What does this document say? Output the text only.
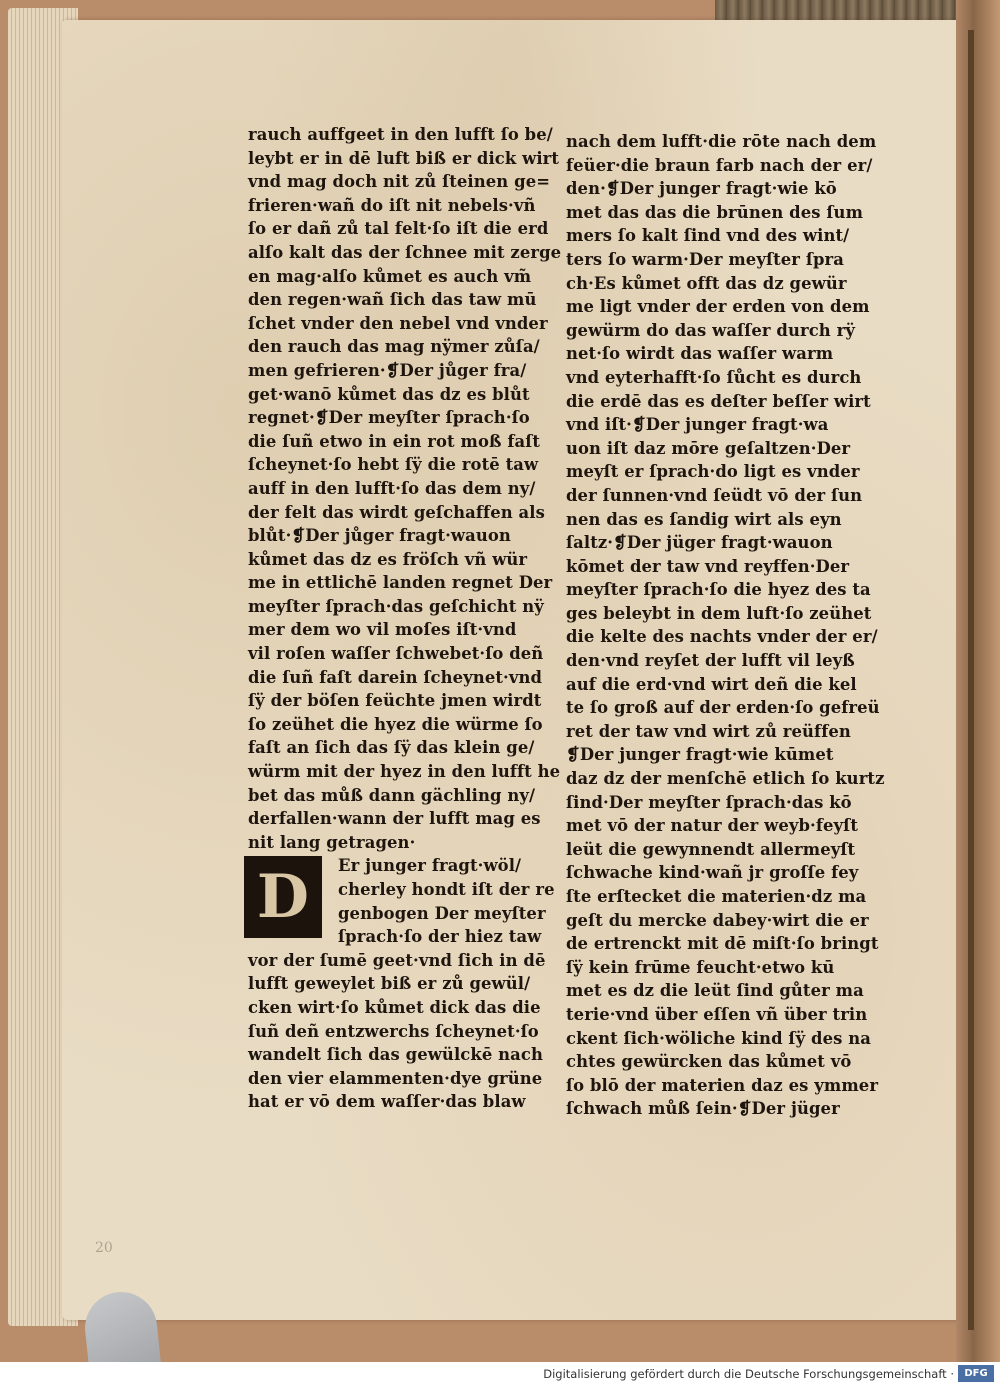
20
rauch auffgeet in den lufft ſo be/
leybt er in dē luft biß er dick wirt
vnd mag doch nit zů ſteinen ge=
frieren·wañ do iſt nit nebels·vñ
ſo er dañ zů tal felt·ſo iſt die erd
alſo kalt das der ſchnee mit zerge
en mag·alſo kůmet es auch vm̃
den regen·wañ ſich das taw mū
ſchet vnder den nebel vnd vnder
den rauch das mag nÿmer zůſa/
men gefrieren·❡Der jůger fra/
get·wanō kůmet das dz es blůt
regnet·❡Der meyſter ſprach·ſo
die ſuñ etwo in ein rot moß faſt
ſcheynet·ſo hebt ſÿ die rotē taw
auff in den lufft·ſo das dem ny/
der felt das wirdt geſchaffen als
blůt·❡Der jůger fragt·wauon
kůmet das dz es fröſch vñ wür
me in ettlichē landen regnet Der
meyſter ſprach·das geſchicht nÿ
mer dem wo vil moſes iſt·vnd
vil roſen waſſer ſchwebet·ſo deñ
die ſuñ faſt darein ſcheynet·vnd
ſÿ der böſen feüchte jmen wirdt
ſo zeühet die hyez die würme ſo
faſt an ſich das ſÿ das klein ge/
würm mit der hyez in den lufft he
bet das můß dann gächling ny/
derfallen·wann der lufft mag es
nit lang getragen·
D	Er junger fragt·wöl/
cherley hondt iſt der re
genbogen Der meyſter
ſprach·ſo der hiez taw
vor der ſumē geet·vnd ſich in dē
lufft geweylet biß er zů gewül/
cken wirt·ſo kůmet dick das die
ſuñ deñ entzwerchs ſcheynet·ſo
wandelt ſich das gewülckē nach
den vier elammenten·dye grüne
hat er vō dem waſſer·das blaw
nach dem lufft·die rōte nach dem
feüer·die braun farb nach der er/
den·❡Der junger fragt·wie kō
met das das die brūnen des ſum
mers ſo kalt ſind vnd des wint/
ters ſo warm·Der meyſter ſpra
ch·Es kůmet offt das dz gewür
me ligt vnder der erden von dem
gewürm do das waſſer durch rÿ
net·ſo wirdt das waſſer warm
vnd eyterhafft·ſo ſůcht es durch
die erdē das es deſter beſſer wirt
vnd iſt·❡Der junger fragt·wa
uon iſt daz mōre geſaltzen·Der
meyſt er ſprach·do ligt es vnder
der ſunnen·vnd ſeüdt vō der ſun
nen das es ſandig wirt als eyn
ſaltz·❡Der jüger fragt·wauon
kōmet der taw vnd reyffen·Der
meyſter ſprach·ſo die hyez des ta
ges beleybt in dem luft·ſo zeühet
die kelte des nachts vnder der er/
den·vnd reyſet der lufft vil leyß
auf die erd·vnd wirt deñ die kel
te ſo groß auf der erden·ſo gefreü
ret der taw vnd wirt zů reüffen
❡Der junger fragt·wie kūmet
daz dz der menſchē etlich ſo kurtz
ſind·Der meyſter ſprach·das kō
met vō der natur der weyb·feyſt
leüt die gewynnendt allermeyſt
ſchwache kind·wañ jr groſſe fey
ſte erſtecket die materien·dz ma
geſt du mercke dabey·wirt die er
de ertrenckt mit dē miſt·ſo bringt
ſÿ kein frūme feucht·etwo kū
met es dz die leüt ſind gůter ma
terie·vnd über eſſen vñ über trin
ckent ſich·wöliche kind ſÿ des na
chtes gewürcken das kůmet vō
ſo blō der materien daz es ymmer
ſchwach můß ſein·❡Der jüger
Digitalisierung gefördert durch die Deutsche Forschungsgemeinschaft ·	DFG
